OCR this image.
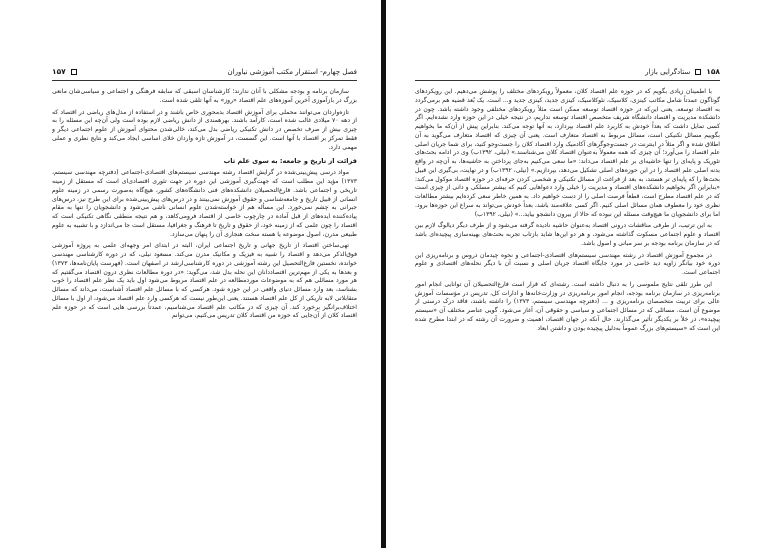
فصل چهارم- استقرار مکتب آموزشی نیاوران
۱۵۷

سازمان برنامه و بودجه مشکلی با آنان ندارند؛ کارشناسان اسبقی که سابقه فرهنگی و اجتماعی و سیاسی‌شان مانعی بزرگ در بازآموزی آخرین آموزه‌های علم اقتصاد «روز» به آنها تلقی شده است.

تازه‌واردان می‌توانند محملی برای آموزش اقتصاد بدمحوری خاص باشند و در استفاده از مدل‌های ریاضی در اقتصاد که از دهه ۷۰ میلادی غالب شده است، کارآمد باشند. بهرهمندی از دانش ریاضی لازم بوده است ولی آن‌چه این مسئله را به چیزی بیش از صرف تخصص در دانش تکنیکی ریاضی بدل می‌کند، خالی‌شدن محتوای آموزش از علوم اجتماعی دیگر و فقط تمرکز بر اقتصاد با آنها است. این گسست، در آموزش تازه واردان خلای اساسی ایجاد می‌کند و نتایج نظری و عملی مهمی دارد.

قرائت از تاریخ و جامعه: به سوی علم ثاب

مواد درسی پیش‌بینی‌شده در گرایش اقتصاد رشته مهندسی سیستم‌های اقتصادی-اجتماعی (دفترچه مهندسی سیستم، ۱۳۷۳) مؤید این مطلب است که جهت‌گیری آموزشی این دوره در جهت تئوری اقتصادی‌ای است که مستقل از زمینه تاریخی و اجتماعی باشد. فارغ‌التحصیلان دانشکده‌های فنی دانشگاه‌های کشور، هیچ‌گاه به‌صورت رسمی در زمینه علوم انسانی از قبیل تاریخ و جامعه‌شناسی و حقوق آموزش نمی‌بینند و در درس‌های پیش‌بینی‌شده برای این طرح نیز، درس‌های جبرانی به چشم نمی‌خورد. این مسأله هم از خواسته‌شدن علوم انسانی ناشی می‌شود و دانشجویان را تنها به مقام پیاده‌کننده ایده‌های از قبل آماده در چارچوب خاصی از اقتصاد فرومی‌کاهد، و هم نتیجه منطقی نگاهی تکنیکی است که اقتصاد را چون علمی که از زمینه خود، از حقوق و تاریخ تا فرهنگ و جغرافیا، مستقل است جا می‌اندازد و با تشبیه به علوم طبیعی مدرن، اصول موضوعه یا هسته سخت هنجاری آن را پنهان می‌سازد.

تهی‌ساختن اقتصاد از تاریخ جهانی و تاریخ اجتماعی ایران، البته در ابتدای امر وجهه‌ای علمی به پروژه آموزشی فوق‌الذکر می‌دهد و اقتصاد را شبیه به فیزیک و مکانیک مدرن می‌کند. مسعود نیلی، که در دوره کارشناسی مهندسی خوانده، نخستین فارغ‌التحصیل این رشته آموزشی در دوره کارشناسی‌ارشد در اصفهان است. (فهرست پایان‌نامه‌ها، ۱۳۷۳) و بعدها به یکی از مهم‌ترین اقتصاددانان این نحله بدل شد، می‌گوید: «در دوره مطالعات نظری درون اقتصاد می‌گفتیم که هر مورد مسائلی هم که به موضوعات موردمطالعه در علم اقتصاد مربوط می‌شود اول باید یک نظر علم اقتصاد را خوب بشناسد، بعد وارد مسائل دنیای واقعی در این حوزه شود. هرکسی که با مسائل علم اقتصاد آشناست، می‌داند که مسائل متقابلاتی لابه تاریکی از کل علم اقتصاد هستند. یعنی این‌طور نیست که هرکسی وارد علم اقتصاد می‌شود، از اول با مسائل اختلاف‌برانگیز برخورد کند. آن چیزی که در مکاتب علم اقتصاد می‌شناسیم، عمدتاً بررسی هایی است که در حوزه علم اقتصاد کلان از آن‌جایی که حوزه من اقتصاد کلان تدریس می‌کنیم، می‌توانم

۱۵۸
ستاد‌گرایی بازار

با اطمینان زیادی بگویم که در حوزه علم اقتصاد کلان، معمولاً رویکردهای مختلف را پوشش می‌دهیم. این رویکردهای گوناگون عمدتاً شامل مکاتب کینزی، کلاسیک، نئوکلاسیک، کینزی جدید، کینزی جدید و... است. یک بُعد قضیه هم برمی‌گردد به اقتصاد توسعه. یعنی این‌که در حوزه اقتصاد توسعه ممکن است مثلاً رویکردهای مختلفی وجود داشته باشد. چون در دانشکده مدیریت و اقتصاد دانشگاه شریف متخصص اقتصاد توسعه نداریم، در نتیجه خیلی در این حوزه وارد نشده‌ایم. اگر کسی تمایل داشت که بعداً خودش به کاربرد علم اقتصاد بپردازد، به آنها توجه می‌کند. بنابراین پیش از آن‌که ما بخواهیم بگوییم مسائل تکنیکی است، مسائل مربوط به اقتصاد متعارف است. یعنی آن چیزی که اقتصاد متعارف می‌گوید به آن اطلاق شده و اگر مثلاً در اینترنت در جست‌وجوگرهای آکادمیک وارد اقتصاد کلان را جست‌وجو کنید، برای شما جریان اصلی علم اقتصاد را می‌آورد؛ آن چیزی که همه معمولاً به‌عنوان اقتصاد کلان می‌شناسند.» (نیلی، ۱۳۹۲ب) وی در ادامه بحث‌های تئوریک و پایه‌ای را تنها حاشیه‌ای بر علم اقتصاد می‌داند: «ما سعی می‌کنیم به‌جای پرداختن به حاشیه‌ها، به آن‌چه در واقع بدنه اصلی علم اقتصاد را در این حوزه‌های اصلی تشکیل می‌دهد، بپردازیم.» (نیلی، ۱۳۹۲ب) و در نهایت، بی‌گیری این قبیل بحث‌ها را که پایه‌ای تر هستند، به بعد از فراغت از مسائل تکنیکی و شخصی کردن حرفه‌ای در حوزه اقتصاد موکول می‌کند: «بنابراین اگر بخواهیم دانشکده‌های اقتصاد و مدیریت را خیلی وارد دعواهایی کنیم که بیشتر مسلکی و دانی از چیزی است که در علم اقتصاد مطرح است، قطعاً فرصت اصلی را از دست خواهیم داد. به همین خاطر سعی کرده‌ایم بیشتر مطالعات نظری خود را معطوف همان مسائل اصلی کنیم. اگر کسی علاقه‌مند باشد، بعداً خودش می‌تواند به سراغ این حوزه‌ها برود. اما برای دانشجویان ما هیچ‌وقت مسئله این نبوده که حالا از بیرون دانشجو بیاید...» (نیلی، ۱۳۹۲ب)

به این ترتیب، از طرفی مناقشات درونی اقتصاد به‌عنوان حاشیه نادیده گرفته می‌شود و از طرف دیگر دیالوگ لازم بین اقتصاد و علوم اجتماعی مسکوت گذاشته می‌شود، و هر دو این‌ها شاید بازتاب تجربه بحث‌های بهینه‌سازی پیچیده‌ای باشد که در سازمان برنامه بودجه بر سر مبانی و اصول باشد.

در مجموع آموزش اقتصاد در رشته مهندسی سیستم‌های اقتصادی-اجتماعی و نحوه چیدمان دروس و برنامه‌ریزی این دوره خود بیانگر زاویه دید خاصی در مورد جایگاه اقتصاد جریان اصلی و نسبت آن با دیگر نحله‌های اقتصادی و علوم اجتماعی است.

این طرز تلقی نتایج ملموسی را به دنبال داشته است. رشته‌ای که قرار است فارغ‌التحصیلان آن توانایی انجام امور برنامه‌ریزی در سازمان برنامه بودجه، انجام امور برنامه‌ریزی در وزارت‌خانه‌ها و ادارات کل، تدریس در مؤسسات آموزش عالی برای تربیت متخصصان برنامه‌ریزی و ... (دفترچه مهندسی سیستم، ۱۳۷۳) را داشته باشند، فاقد درک درستی از موضوع آن است. مسائلی که در مسائل اجتماعی و سیاسی و حقوقی آن، آغاز می‌شود. گویی عناصر مختلف آن «سیستم پیچیده»، در خلأ بر یکدیگر تأثیر می‌گذارند. حال آنکه در جهان اقتصاد، اهمیت و ضرورت آن رشته که در ابتدا مطرح شده این است که «سیستم‌های بزرگ عموماً به‌دلیل پیچیده بودن و داشتن ابعاد
